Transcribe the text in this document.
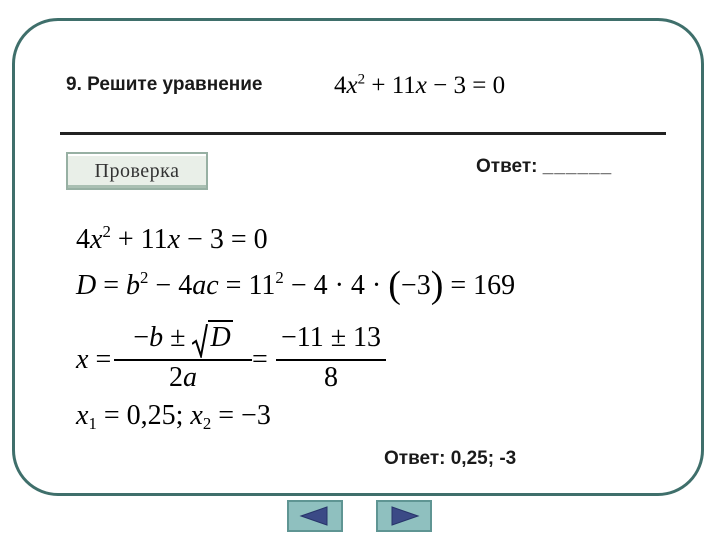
9. Решите уравнение	$4x^2 + 11x - 3 = 0$
Проверка	Ответ: ______
$4x^2 + 11x - 3 = 0$
$D = b^2 - 4ac = 11^2 - 4 \cdot 4 \cdot (-3) = 169$
x =
−b ±
D
2a
=
−11 ± 13
8
$x_1 = 0,25$; $x_2 = -3$
Ответ: 0,25; -3
